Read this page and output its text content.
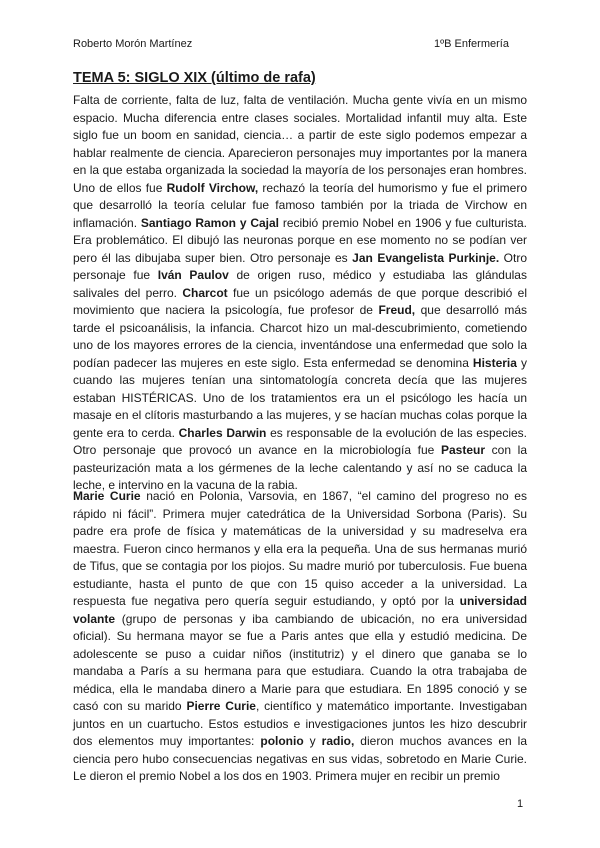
Roberto Morón Martínez	1ºB Enfermería
TEMA 5: SIGLO XIX (último de rafa)

Falta de corriente, falta de luz, falta de ventilación. Mucha gente vivía en un mismo espacio. Mucha diferencia entre clases sociales. Mortalidad infantil muy alta. Este siglo fue un boom en sanidad, ciencia… a partir de este siglo podemos empezar a hablar realmente de ciencia. Aparecieron personajes muy importantes por la manera en la que estaba organizada la sociedad la mayoría de los personajes eran hombres. Uno de ellos fue Rudolf Virchow, rechazó la teoría del humorismo y fue el primero que desarrolló la teoría celular fue famoso también por la triada de Virchow en inflamación. Santiago Ramon y Cajal recibió premio Nobel en 1906 y fue culturista. Era problemático. El dibujó las neuronas porque en ese momento no se podían ver pero él las dibujaba super bien. Otro personaje es Jan Evangelista Purkinje. Otro personaje fue Iván Paulov de origen ruso, médico y estudiaba las glándulas salivales del perro. Charcot fue un psicólogo además de que porque describió el movimiento que naciera la psicología, fue profesor de Freud, que desarrolló más tarde el psicoanálisis, la infancia. Charcot hizo un mal-descubrimiento, cometiendo uno de los mayores errores de la ciencia, inventándose una enfermedad que solo la podían padecer las mujeres en este siglo. Esta enfermedad se denomina Histeria y cuando las mujeres tenían una sintomatología concreta decía que las mujeres estaban HISTÉRICAS. Uno de los tratamientos era un el psicólogo les hacía un masaje en el clítoris masturbando a las mujeres, y se hacían muchas colas porque la gente era to cerda. Charles Darwin es responsable de la evolución de las especies. Otro personaje que provocó un avance en la microbiología fue Pasteur con la pasteurización mata a los gérmenes de la leche calentando y así no se caduca la leche, e intervino en la vacuna de la rabia.

Marie Curie nació en Polonia, Varsovia, en 1867, “el camino del progreso no es rápido ni fácil”. Primera mujer catedrática de la Universidad Sorbona (Paris). Su padre era profe de física y matemáticas de la universidad y su madreselva era maestra. Fueron cinco hermanos y ella era la pequeña. Una de sus hermanas murió de Tifus, que se contagia por los piojos. Su madre murió por tuberculosis. Fue buena estudiante, hasta el punto de que con 15 quiso acceder a la universidad. La respuesta fue negativa pero quería seguir estudiando, y optó por la universidad volante (grupo de personas y iba cambiando de ubicación, no era universidad oficial). Su hermana mayor se fue a Paris antes que ella y estudió medicina. De adolescente se puso a cuidar niños (institutriz) y el dinero que ganaba se lo mandaba a París a su hermana para que estudiara. Cuando la otra trabajaba de médica, ella le mandaba dinero a Marie para que estudiara. En 1895 conoció y se casó con su marido Pierre Curie, científico y matemático importante. Investigaban juntos en un cuartucho. Estos estudios e investigaciones juntos les hizo descubrir dos elementos muy importantes: polonio y radio, dieron muchos avances en la ciencia pero hubo consecuencias negativas en sus vidas, sobretodo en Marie Curie. Le dieron el premio Nobel a los dos en 1903. Primera mujer en recibir un premio

1
